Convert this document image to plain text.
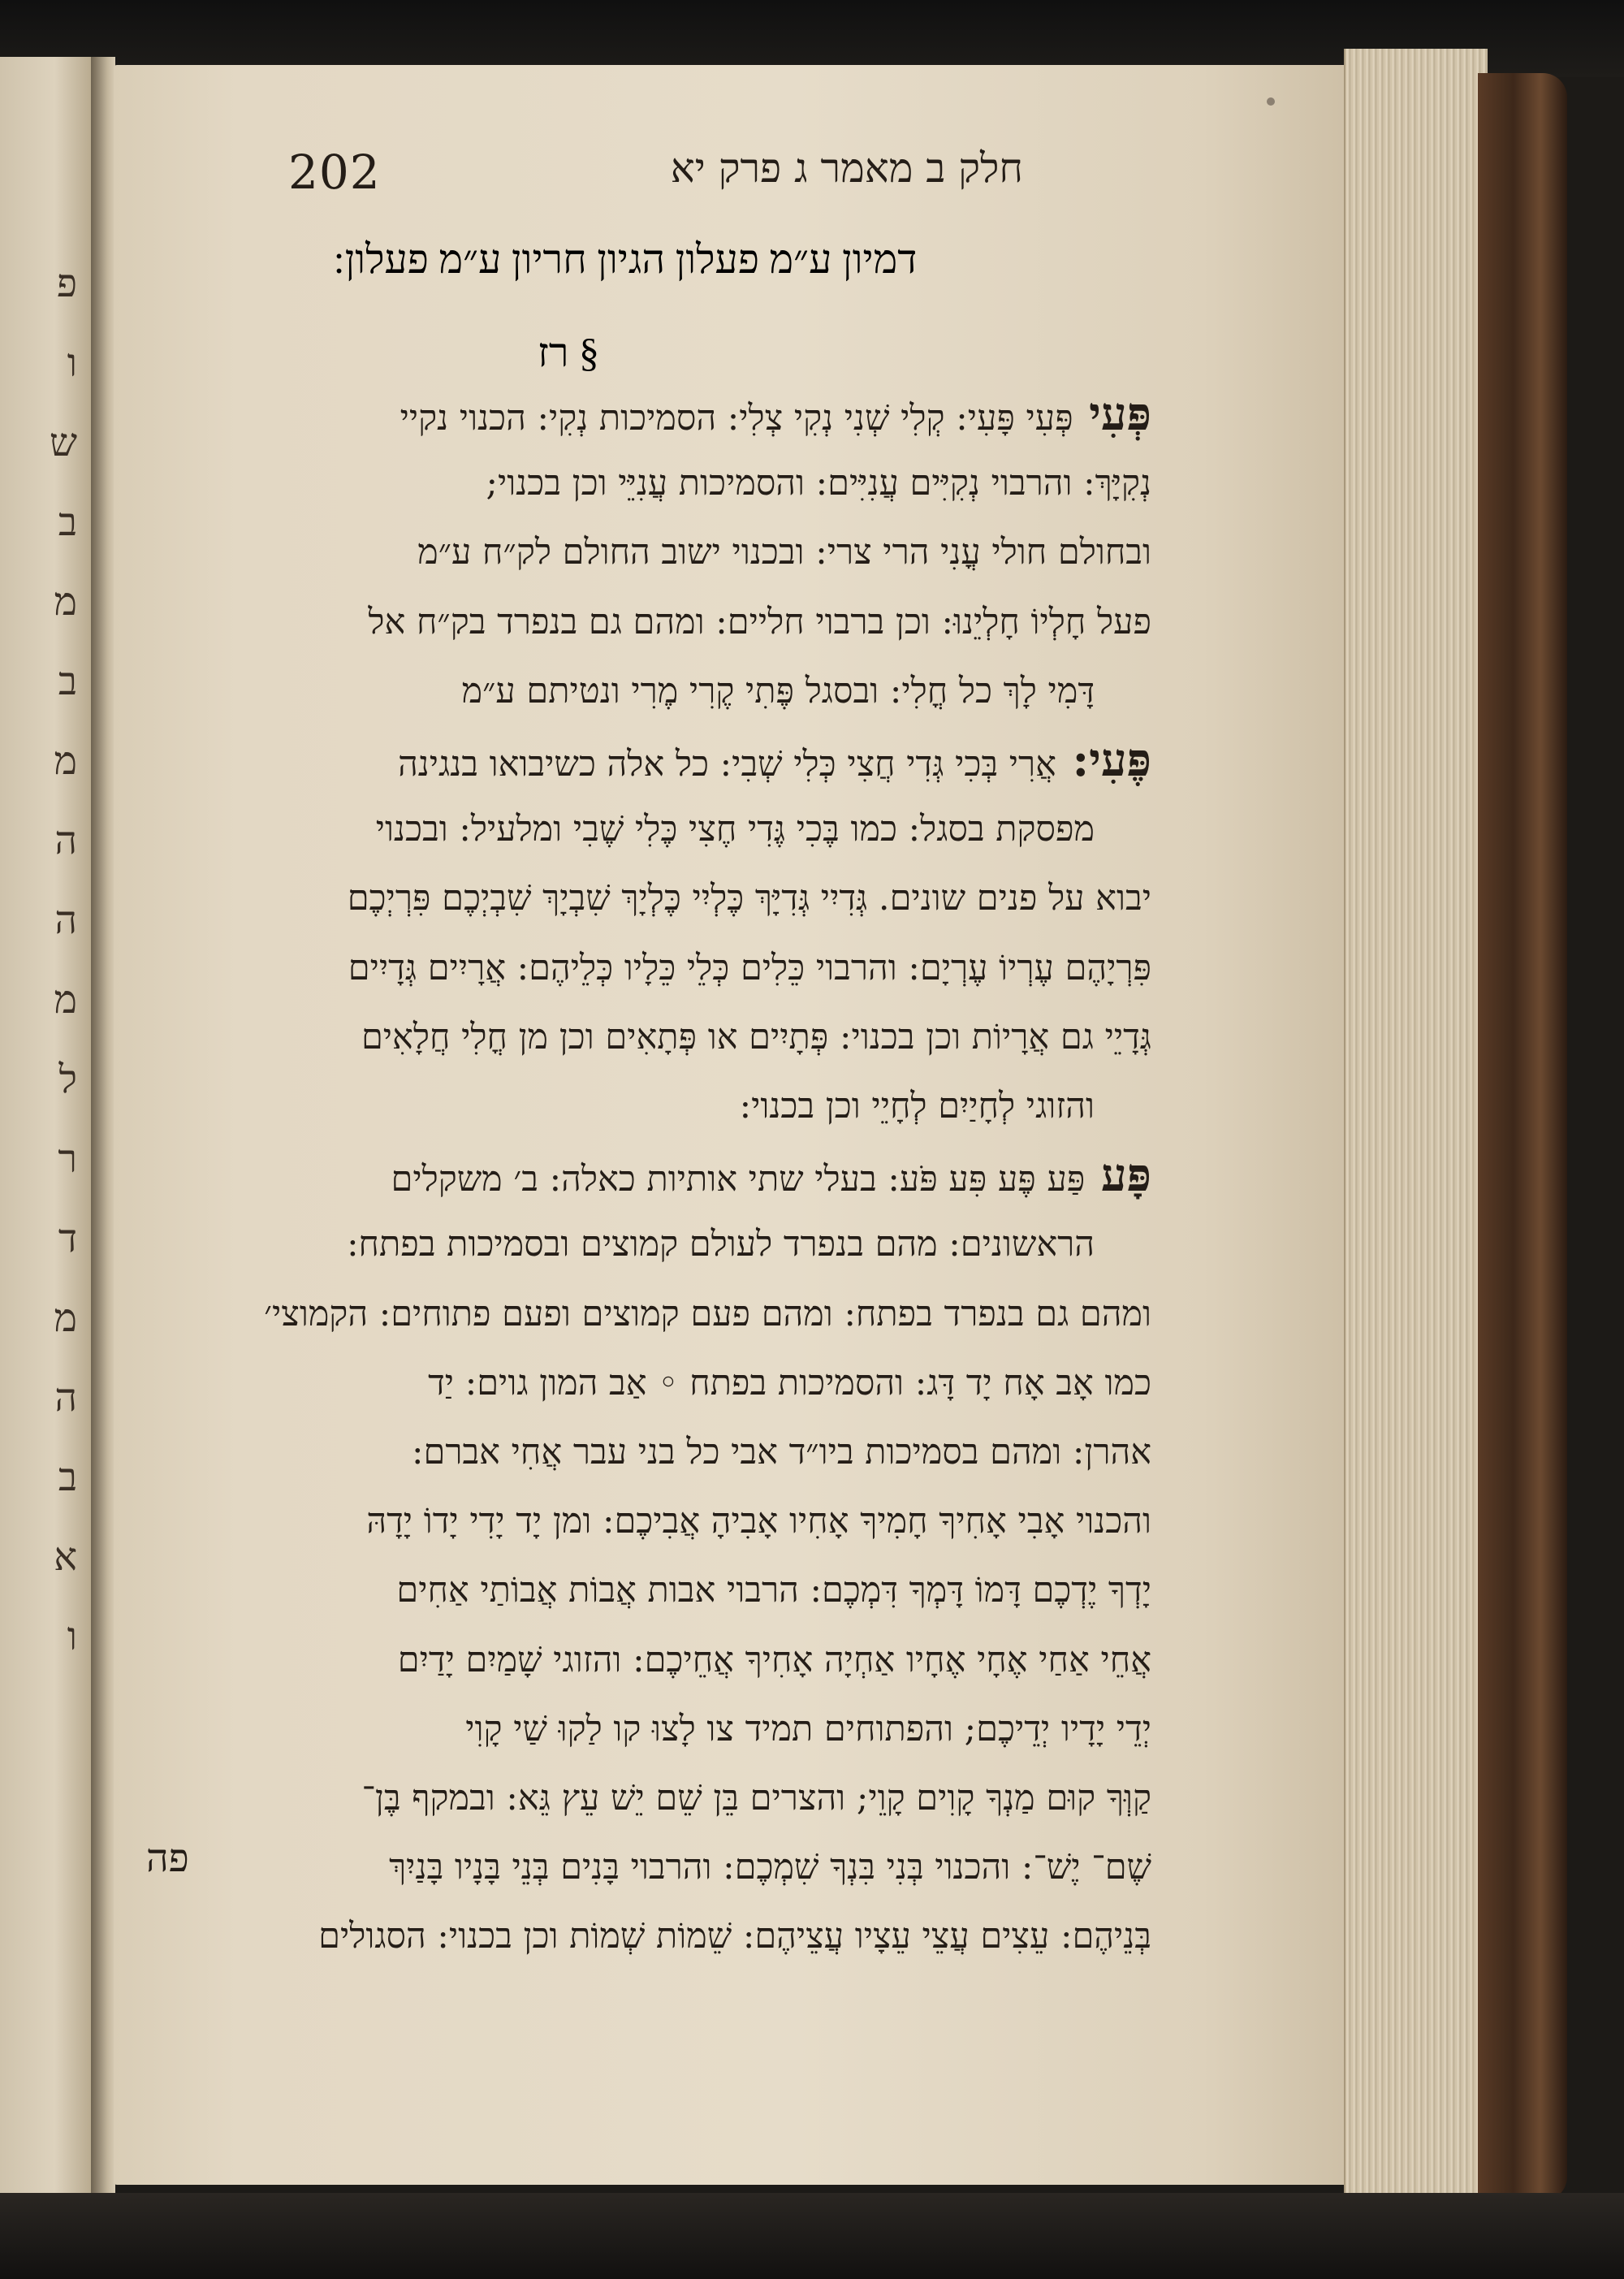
פ
ו
ש
ב
מ
ב
מ
ה
ה
מ
ל
ר
ד
מ
ה
ב
א
ו
202	חלק ב מאמר ג פרק יא
דמיון ע״מ פעלון הגיון חריון ע״מ פעלון:
§ רז
פְּעִי פְּעִי פָּעִי: קְלִי שְׁנִי נְקִי צְלִי: הסמיכות נְקִי: הכנוי נקיי
נְקִיָּךְ: והרבוי נְקִיִּים עֲנִיִּים: והסמיכות עֲנִיֵּי וכן בכנוי;
ובחולם חולי עֳנִי הרי צרי: ובכנוי ישוב החולם לק״ח ע״מ
פעל חָלְיוֹ חָלְיֵנוּ: וכן ברבוי חליים: ומהם גם בנפרד בק״ח אל
דָּמִי לָךְ כל חֳלִי: ובסגל פֶּתִי קֶרִי מֶרִי ונטיתם ע״מ
פֶּעִי: אֲרִי בְּכִי גְּדִי חֲצִי כְּלִי שְׁבִי: כל אלה כשיבואו בנגינה
מפסקת בסגל: כמו בֶּכִי גֶּדִי חֶצִי כֶּלִי שֶׁבִי ומלעיל: ובכנוי
יבוא על פנים שונים. גְּדִיִי גְּדִיָּךְ כֶּלְיִי כֶּלְיָךְ שִׁבְיָךְ שִׁבְיְכֶם פִּרְיְכֶם
פִּרְיָהֶם עֶרְיוֹ עֶרְיָם: והרבוי כֵּלִים כְּלֵי כֵּלָיו כְּלֵיהֶם: אֲרָיִים גְּדָיִים
גְּדָיֵי גם אֲרָיוֹת וכן בכנוי: פְּתָיִים או פְּתָאִים וכן מן חֳלִי חֲלָאִים
והזוגי לְחָיַיִם לְחָיֵי וכן בכנוי:
פָּע פַּע פֶּע פִּע פֹּע: בעלי שתי אותיות כאלה: ב׳ משקלים
הראשונים: מהם בנפרד לעולם קמוצים ובסמיכות בפתח:
ומהם גם בנפרד בפתח: ומהם פעם קמוצים ופעם פתוחים: הקמוצי׳
כמו אָב אָח יָד דָּג: והסמיכות בפתח ◦ אַב המון גוים: יַד
אהרן: ומהם בסמיכות ביו״ד אבי כל בני עבר אֲחִי אברם:
והכנוי אָבִי אָחִיךָ חָמִיךָ אָחִיו אָבִיהָ אֲבִיכֶם: ומן יָד יָדִי יָדוֹ יָדָהּ
יָדְךָ יֶדְכֶם דָּמוֹ דָּמְךָ דִּמְכֶם: הרבוי אבות אֲבוֹת אֲבוֹתַי אַחִים
אֲחֵי אַחַי אֶחָי אֶחָיו אַחְיָה אָחִיךָ אֲחֵיכֶם: והזוגי שָׁמַיִם יָדַיִם
יְדֵי יָדָיו יְדֵיכֶם; והפתוחים תמיד צו לָצוּ קו לַקוּ שַׁי קָוִי
קַוְּךָ קוּם מַנְךָ קָוִים קָוֵי; והצרים בֵּן שֵׁם יֵשׁ עֵץ גֵּא: ובמקף בֶּן־
שֶׁם־ יֶשׁ־: והכנוי בְּנִי בִּנְךָ שִׁמְכֶם: והרבוי בָּנִים בְּנֵי בָּנָיו בָּנַיִךְ
בְּנֵיהֶם: עֵצִים עֲצֵי עֵצָיו עֲצֵיהֶם: שֵׁמוֹת שְׁמוֹת וכן בכנוי: הסגולים
פה
